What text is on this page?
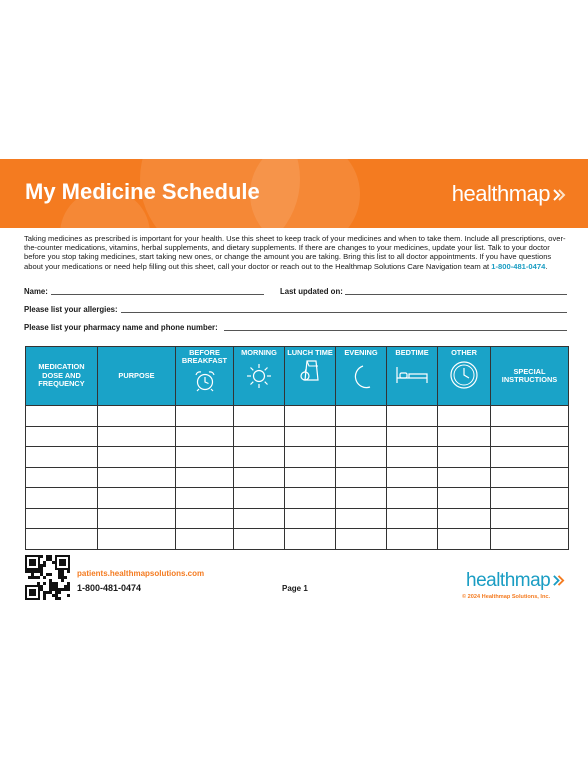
My Medicine Schedule	healthmap
Taking medicines as prescribed is important for your health. Use this sheet to keep track of your medicines and when to take them. Include all prescriptions, over-the-counter medications, vitamins, herbal supplements, and dietary supplements. If there are changes to your medicines, update your list. Talk to your doctor before you stop taking medicines, start taking new ones, or change the amount you are taking. Bring this list to all doctor appointments. If you have questions about your medications or need help filling out this sheet, call your doctor or reach out to the Healthmap Solutions Care Navigation team at 1-800-481-0474.
Name:	Last updated on:
Please list your allergies:
Please list your pharmacy name and phone number:
MEDICATION DOSE AND FREQUENCY	PURPOSE	BEFORE BREAKFAST	MORNING	LUNCH TIME	EVENING	BEDTIME	OTHER	SPECIAL INSTRUCTIONS

patients.healthmapsolutions.com
1-800-481-0474	Page 1	healthmap
© 2024 Healthmap Solutions, Inc.
